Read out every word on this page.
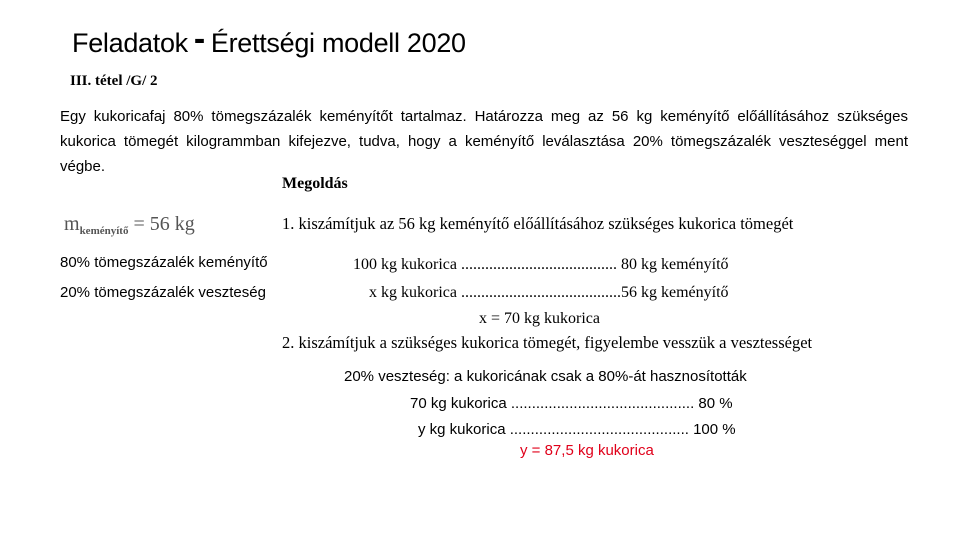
Feladatok - Érettségi modell 2020
III. tétel /G/ 2
Egy kukoricafaj 80% tömegszázalék keményítőt tartalmaz. Határozza meg az 56 kg keményítő előállításához szükséges kukorica tömegét kilogrammban kifejezve, tudva, hogy a keményítő leválasztása 20% tömegszázalék veszteséggel ment végbe.
Megoldás
$m_{keményítő} = 56$ kg
80% tömegszázalék keményítő
20% tömegszázalék veszteség
1. kiszámítjuk az 56 kg keményítő előállításához szükséges kukorica tömegét
100 kg kukorica ....................................... 80 kg keményítő
x kg kukorica ........................................56 kg keményítő
x = 70 kg kukorica
2. kiszámítjuk a szükséges kukorica tömegét, figyelembe vesszük a vesztességet
20% veszteség: a kukoricának csak a 80%-át hasznosították
70 kg kukorica ............................................ 80 %
y kg kukorica ........................................... 100 %
y = 87,5 kg kukorica
